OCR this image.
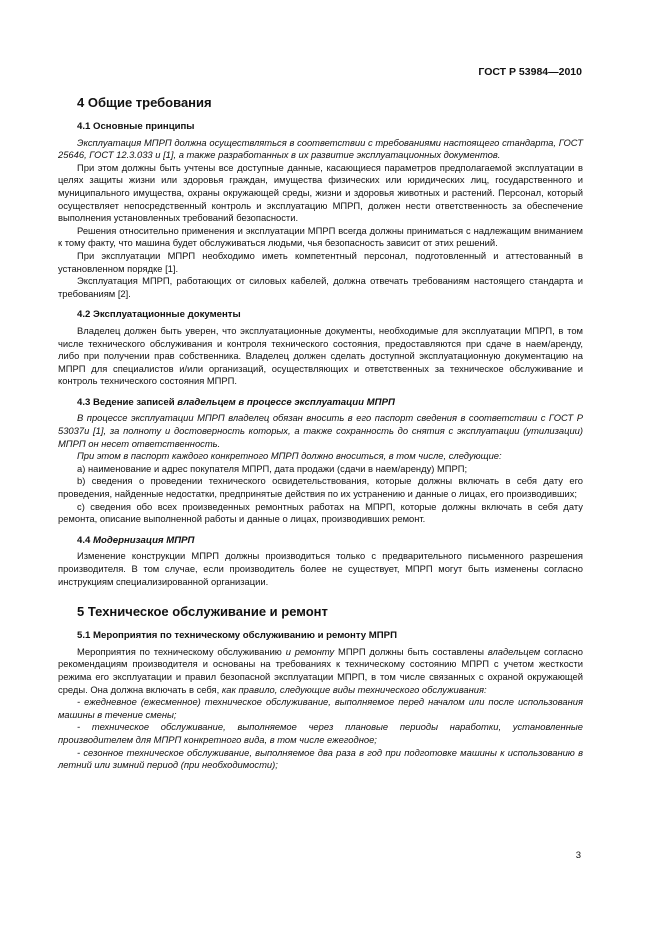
ГОСТ Р 53984—2010
4 Общие требования
4.1 Основные принципы

Эксплуатация МПРП должна осуществляться в соответствии с требованиями настоящего стандарта, ГОСТ 25646, ГОСТ 12.3.033 и [1], а также разработанных в их развитие эксплуатационных документов.

При этом должны быть учтены все доступные данные, касающиеся параметров предполагаемой эксплуатации в целях защиты жизни или здоровья граждан, имущества физических или юридических лиц, государственного и муниципального имущества, охраны окружающей среды, жизни и здоровья животных и растений. Персонал, который осуществляет непосредственный контроль и эксплуатацию МПРП, должен нести ответственность за обеспечение выполнения установленных требований безопасности.

Решения относительно применения и эксплуатации МПРП всегда должны приниматься с надлежащим вниманием к тому факту, что машина будет обслуживаться людьми, чья безопасность зависит от этих решений.

При эксплуатации МПРП необходимо иметь компетентный персонал, подготовленный и аттестованный в установленном порядке [1].

Эксплуатация МПРП, работающих от силовых кабелей, должна отвечать требованиям настоящего стандарта и требованиям [2].

4.2 Эксплуатационные документы

Владелец должен быть уверен, что эксплуатационные документы, необходимые для эксплуатации МПРП, в том числе технического обслуживания и контроля технического состояния, предоставляются при сдаче в наем/аренду, либо при получении прав собственника. Владелец должен сделать доступной эксплуатационную документацию на МПРП для специалистов и/или организаций, осуществляющих и ответственных за техническое обслуживание и контроль технического состояния МПРП.

4.3 Ведение записей владельцем в процессе эксплуатации МПРП

В процессе эксплуатации МПРП владелец обязан вносить в его паспорт сведения в соответствии с ГОСТ Р 53037и [1], за полноту и достоверность которых, а также сохранность до снятия с эксплуатации (утилизации) МПРП он несет ответственность.

При этом в паспорт каждого конкретного МПРП должно вноситься, в том числе, следующие:

а) наименование и адрес покупателя МПРП, дата продажи (сдачи в наем/аренду) МПРП;

b) сведения о проведении технического освидетельствования, которые должны включать в себя дату его проведения, найденные недостатки, предпринятые действия по их устранению и данные о лицах, его производивших;

c) сведения обо всех произведенных ремонтных работах на МПРП, которые должны включать в себя дату ремонта, описание выполненной работы и данные о лицах, производивших ремонт.

4.4 Модернизация МПРП

Изменение конструкции МПРП должны производиться только с предварительного письменного разрешения производителя. В том случае, если производитель более не существует, МПРП могут быть изменены согласно инструкциям специализированной организации.

5 Техническое обслуживание и ремонт
5.1 Мероприятия по техническому обслуживанию и ремонту МПРП

Мероприятия по техническому обслуживанию и ремонту МПРП должны быть составлены владельцем согласно рекомендациям производителя и основаны на требованиях к техническому состоянию МПРП с учетом жесткости режима его эксплуатации и правил безопасной эксплуатации МПРП, в том числе связанных с охраной окружающей среды. Она должна включать в себя, как правило, следующие виды технического обслуживания:

- ежедневное (ежесменное) техническое обслуживание, выполняемое перед началом или после использования машины в течение смены;

- техническое обслуживание, выполняемое через плановые периоды наработки, установленные производителем для МПРП конкретного вида, в том числе ежегодное;

- сезонное техническое обслуживание, выполняемое два раза в год при подготовке машины к использованию в летний или зимний период (при необходимости);

3
